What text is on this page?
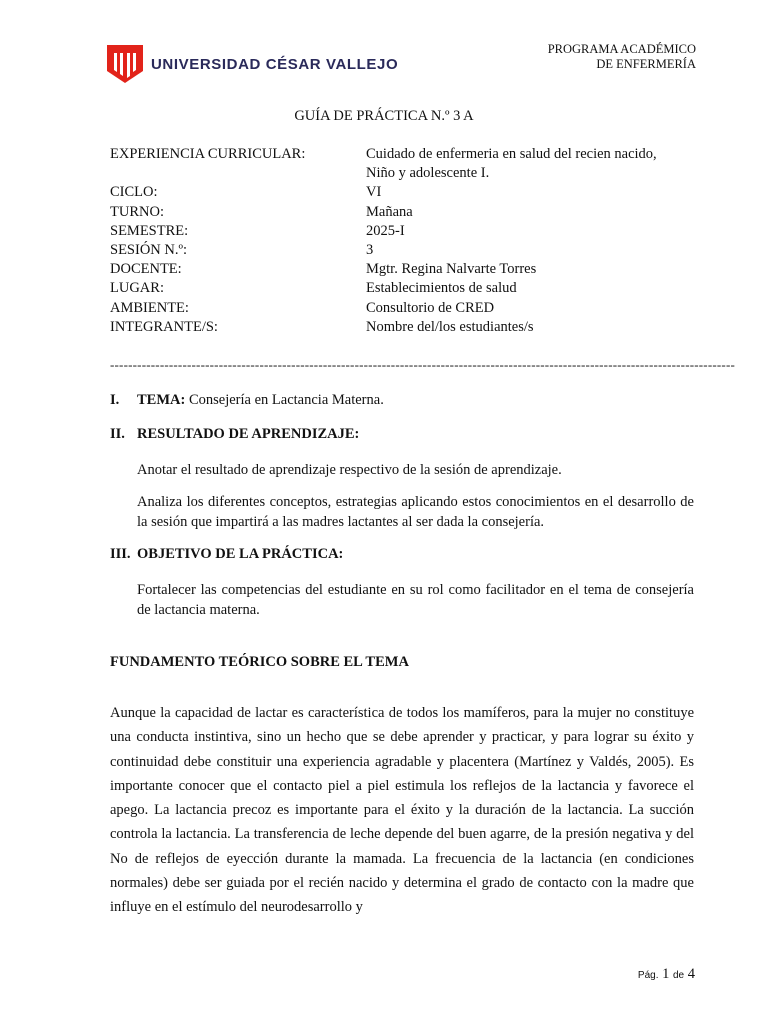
UNIVERSIDAD CÉSAR VALLEJO
PROGRAMA ACADÉMICO
DE ENFERMERÍA
GUÍA DE PRÁCTICA N.º 3 A
EXPERIENCIA CURRICULAR:	Cuidado de enfermeria en salud del recien nacido,
Niño y adolescente I.
CICLO:	VI
TURNO:	Mañana
SEMESTRE:	2025-I
SESIÓN N.º:	3
DOCENTE:	Mgtr. Regina Nalvarte Torres
LUGAR:	Establecimientos de salud
AMBIENTE:	Consultorio de CRED
INTEGRANTE/S:	Nombre del/los estudiantes/s
------------------------------------------------------------------------------------------------------------------------------------------
I.	TEMA: Consejería en Lactancia Materna.
II. RESULTADO DE APRENDIZAJE:
Anotar el resultado de aprendizaje respectivo de la sesión de aprendizaje.
Analiza los diferentes conceptos, estrategias aplicando estos conocimientos en el desarrollo de la sesión que impartirá a las madres lactantes al ser dada la consejería.
III. OBJETIVO DE LA PRÁCTICA:
Fortalecer las competencias del estudiante en su rol como facilitador en el tema de consejería de lactancia materna.
FUNDAMENTO TEÓRICO SOBRE EL TEMA
Aunque la capacidad de lactar es característica de todos los mamíferos, para la mujer no constituye una conducta instintiva, sino un hecho que se debe aprender y practicar, y para lograr su éxito y continuidad debe constituir una experiencia agradable y placentera (Martínez y Valdés, 2005). Es importante conocer que el contacto piel a piel estimula los reflejos de la lactancia y favorece el apego. La lactancia precoz es importante para el éxito y la duración de la lactancia. La succión controla la lactancia. La transferencia de leche depende del buen agarre, de la presión negativa y del No de reflejos de eyección durante la mamada. La frecuencia de la lactancia (en condiciones normales) debe ser guiada por el recién nacido y determina el grado de contacto con la madre que influye en el estímulo del neurodesarrollo y
Pág. 1 de 4
